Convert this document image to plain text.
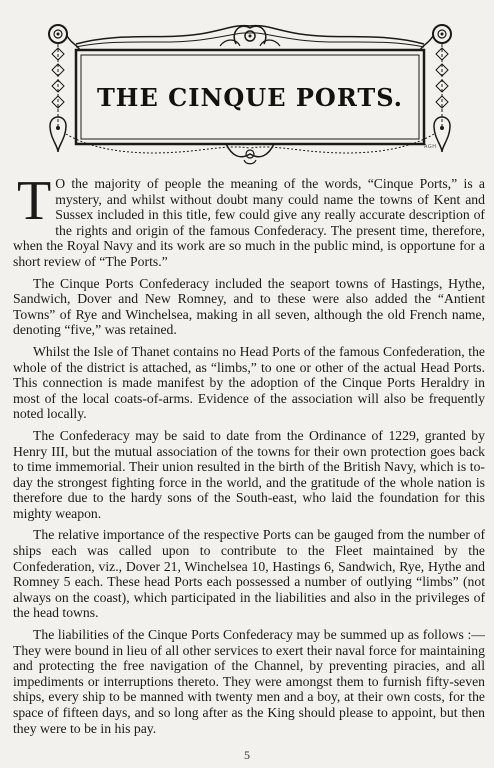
THE CINQUE PORTS.
AGH

T O the majority of people the meaning of the words, “Cinque Ports,” is a mystery, and whilst without doubt many could name the towns of Kent and Sussex included in this title, few could give any really accurate description of the rights and origin of the famous Confederacy. The present time, therefore, when the Royal Navy and its work are so much in the public mind, is opportune for a short review of “The Ports.”

The Cinque Ports Confederacy included the seaport towns of Hastings, Hythe, Sandwich, Dover and New Romney, and to these were also added the “Antient Towns” of Rye and Winchelsea, making in all seven, although the old French name, denoting “five,” was retained.

Whilst the Isle of Thanet contains no Head Ports of the famous Confederation, the whole of the district is attached, as “limbs,” to one or other of the actual Head Ports. This connection is made manifest by the adoption of the Cinque Ports Heraldry in most of the local coats-of-arms. Evidence of the association will also be frequently noted locally.

The Confederacy may be said to date from the Ordinance of 1229, granted by Henry III, but the mutual association of the towns for their own protection goes back to time immemorial. Their union resulted in the birth of the British Navy, which is to-day the strongest fighting force in the world, and the gratitude of the whole nation is therefore due to the hardy sons of the South-east, who laid the foundation for this mighty weapon.

The relative importance of the respective Ports can be gauged from the number of ships each was called upon to contribute to the Fleet maintained by the Confederation, viz., Dover 21, Winchelsea 10, Hastings 6, Sandwich, Rye, Hythe and Romney 5 each. These head Ports each possessed a number of outlying “limbs” (not always on the coast), which participated in the liabilities and also in the privileges of the head towns.

The liabilities of the Cinque Ports Confederacy may be summed up as follows :—They were bound in lieu of all other services to exert their naval force for maintaining and protecting the free navigation of the Channel, by preventing piracies, and all impediments or interruptions thereto. They were amongst them to furnish fifty-seven ships, every ship to be manned with twenty men and a boy, at their own costs, for the space of fifteen days, and so long after as the King should please to appoint, but then they were to be in his pay.

5
